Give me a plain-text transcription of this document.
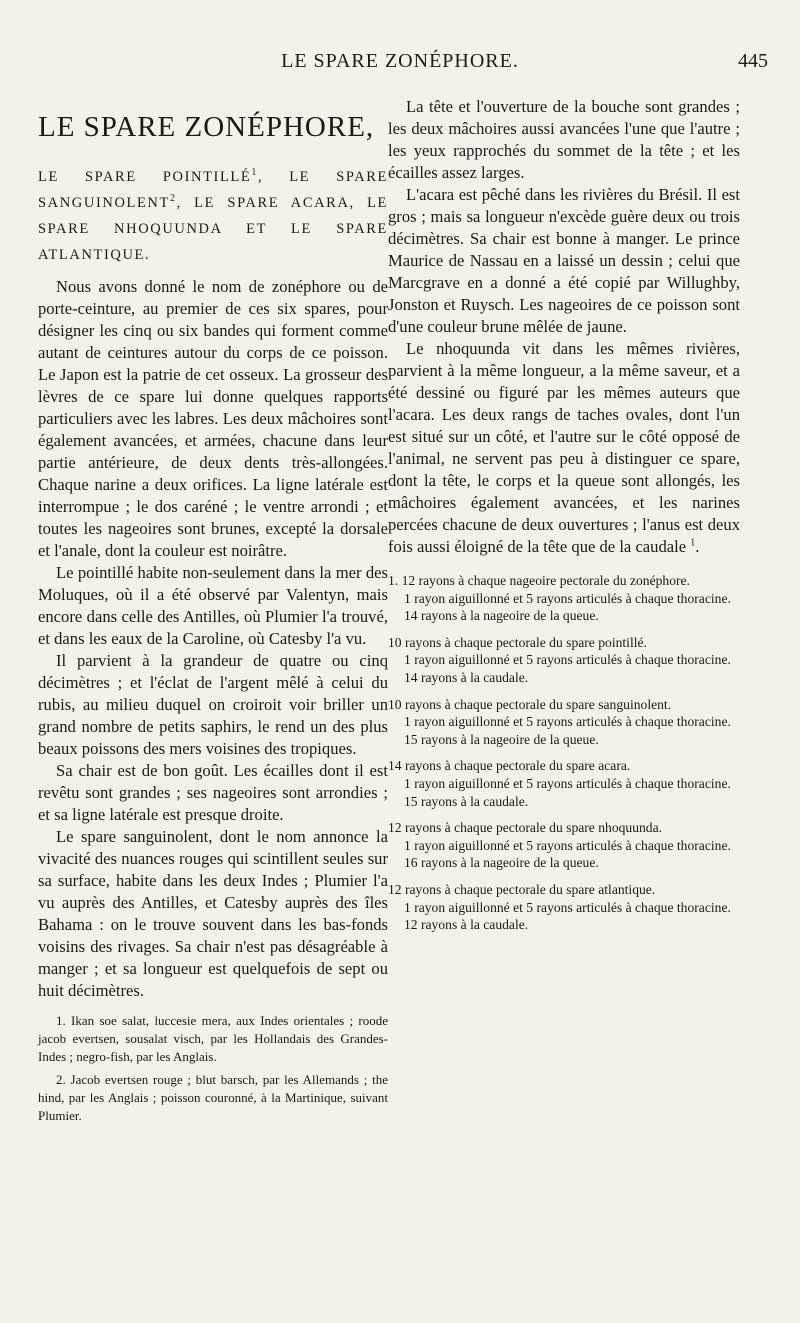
LE SPARE ZONÉPHORE.	445
LE SPARE ZONÉPHORE,
LE SPARE POINTILLÉ$^1$, LE SPARE SANGUINOLENT$^2$, LE SPARE ACARA, LE SPARE NHOQUUNDA ET LE SPARE ATLANTIQUE.

Nous avons donné le nom de zonéphore ou de porte-ceinture, au premier de ces six spares, pour désigner les cinq ou six bandes qui forment comme autant de ceintures autour du corps de ce poisson. Le Japon est la patrie de cet osseux. La grosseur des lèvres de ce spare lui donne quelques rapports particuliers avec les labres. Les deux mâchoires sont également avancées, et armées, chacune dans leur partie antérieure, de deux dents très-allongées. Chaque narine a deux orifices. La ligne latérale est interrompue ; le dos caréné ; le ventre arrondi ; et toutes les nageoires sont brunes, excepté la dorsale et l'anale, dont la couleur est noirâtre.

Le pointillé habite non-seulement dans la mer des Moluques, où il a été observé par Valentyn, mais encore dans celle des Antilles, où Plumier l'a trouvé, et dans les eaux de la Caroline, où Catesby l'a vu.

Il parvient à la grandeur de quatre ou cinq décimètres ; et l'éclat de l'argent mêlé à celui du rubis, au milieu duquel on croiroit voir briller un grand nombre de petits saphirs, le rend un des plus beaux poissons des mers voisines des tropiques.

Sa chair est de bon goût. Les écailles dont il est revêtu sont grandes ; ses nageoires sont arrondies ; et sa ligne latérale est presque droite.

Le spare sanguinolent, dont le nom annonce la vivacité des nuances rouges qui scintillent seules sur sa surface, habite dans les deux Indes ; Plumier l'a vu auprès des Antilles, et Catesby auprès des îles Bahama : on le trouve souvent dans les bas-fonds voisins des rivages. Sa chair n'est pas désagréable à manger ; et sa longueur est quelquefois de sept ou huit décimètres.

1. Ikan soe salat, luccesie mera, aux Indes orientales ; roode jacob evertsen, sousalat visch, par les Hollandais des Grandes-Indes ; negro-fish, par les Anglais.

2. Jacob evertsen rouge ; blut barsch, par les Allemands ; the hind, par les Anglais ; poisson couronné, à la Martinique, suivant Plumier.

La tête et l'ouverture de la bouche sont grandes ; les deux mâchoires aussi avancées l'une que l'autre ; les yeux rapprochés du sommet de la tête ; et les écailles assez larges.

L'acara est pêché dans les rivières du Brésil. Il est gros ; mais sa longueur n'excède guère deux ou trois décimètres. Sa chair est bonne à manger. Le prince Maurice de Nassau en a laissé un dessin ; celui que Marcgrave en a donné a été copié par Willughby, Jonston et Ruysch. Les nageoires de ce poisson sont d'une couleur brune mêlée de jaune.

Le nhoquunda vit dans les mêmes rivières, parvient à la même longueur, a la même saveur, et a été dessiné ou figuré par les mêmes auteurs que l'acara. Les deux rangs de taches ovales, dont l'un est situé sur un côté, et l'autre sur le côté opposé de l'animal, ne servent pas peu à distinguer ce spare, dont la tête, le corps et la queue sont allongés, les mâchoires également avancées, et les narines percées chacune de deux ouvertures ; l'anus est deux fois aussi éloigné de la tête que de la caudale $^1$.

1. 12 rayons à chaque nageoire pectorale du zonéphore.
1 rayon aiguillonné et 5 rayons articulés à chaque thoracine.
14 rayons à la nageoire de la queue.
10 rayons à chaque pectorale du spare pointillé.
1 rayon aiguillonné et 5 rayons articulés à chaque thoracine.
14 rayons à la caudale.
10 rayons à chaque pectorale du spare sanguinolent.
1 rayon aiguillonné et 5 rayons articulés à chaque thoracine.
15 rayons à la nageoire de la queue.
14 rayons à chaque pectorale du spare acara.
1 rayon aiguillonné et 5 rayons articulés à chaque thoracine.
15 rayons à la caudale.
12 rayons à chaque pectorale du spare nhoquunda.
1 rayon aiguillonné et 5 rayons articulés à chaque thoracine.
16 rayons à la nageoire de la queue.
12 rayons à chaque pectorale du spare atlantique.
1 rayon aiguillonné et 5 rayons articulés à chaque thoracine.
12 rayons à la caudale.
